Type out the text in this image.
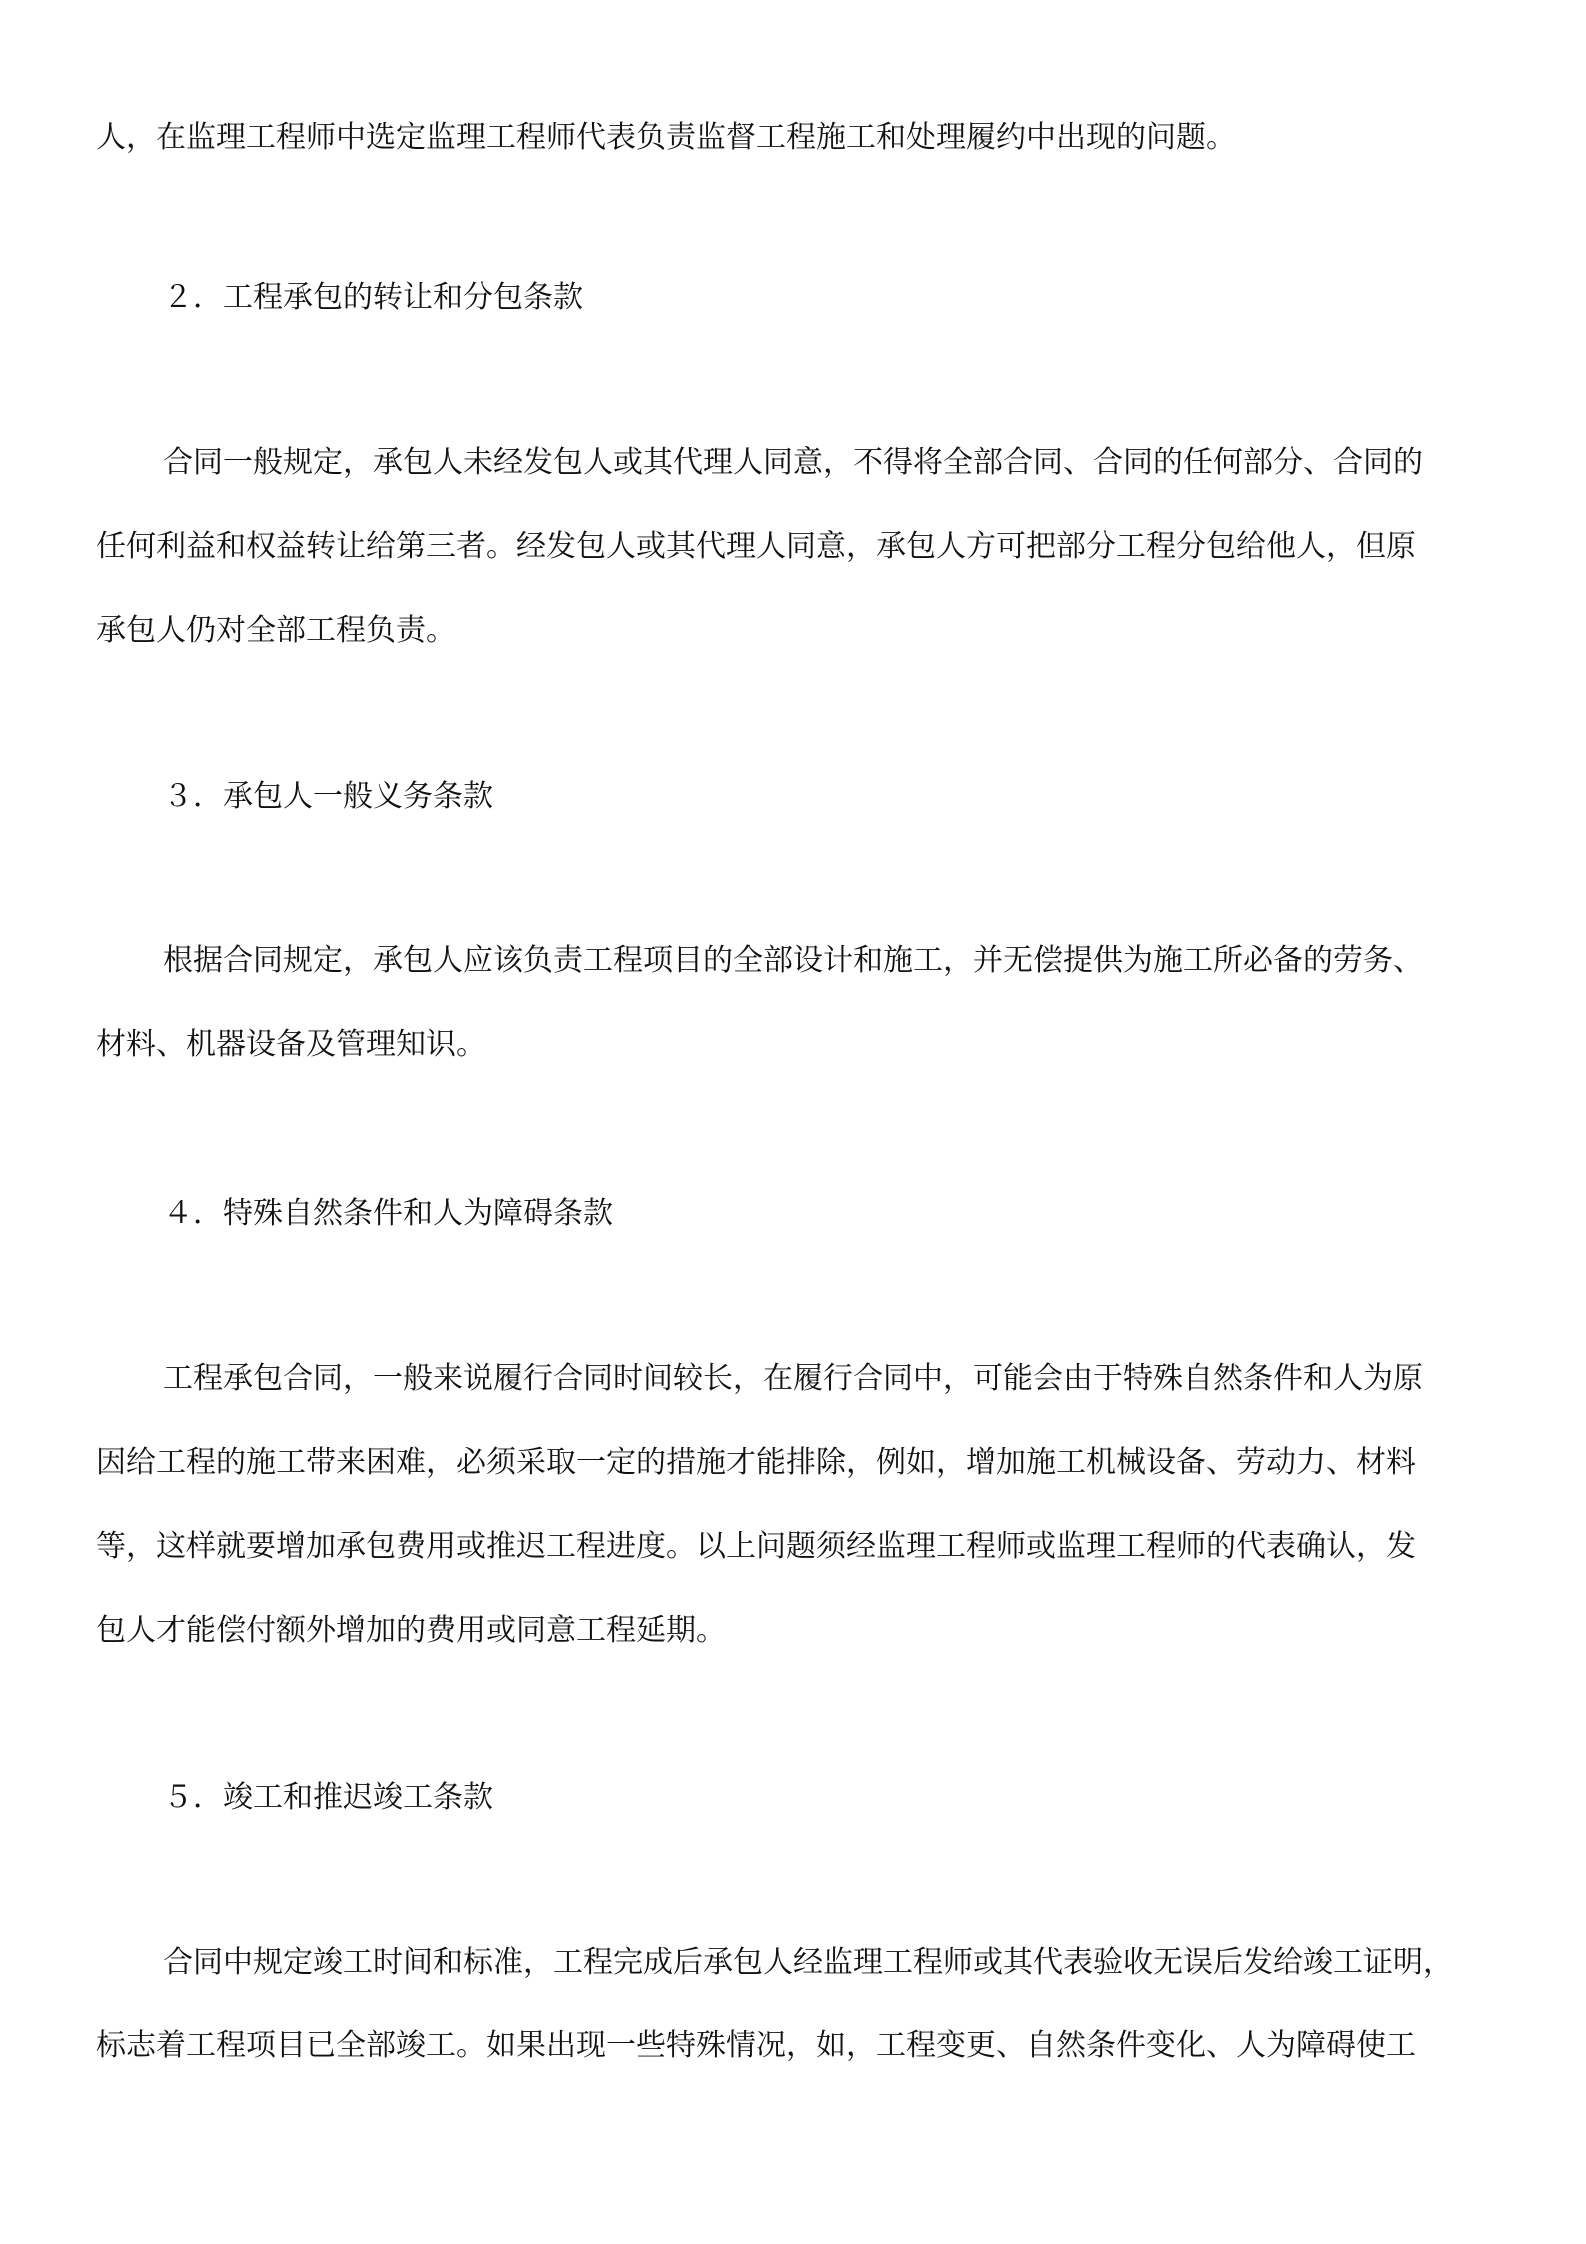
人，在监理工程师中选定监理工程师代表负责监督工程施工和处理履约中出现的问题。
２．工程承包的转让和分包条款
合同一般规定，承包人未经发包人或其代理人同意，不得将全部合同、合同的任何部分、合同的
任何利益和权益转让给第三者。经发包人或其代理人同意，承包人方可把部分工程分包给他人，但原
承包人仍对全部工程负责。
３．承包人一般义务条款
根据合同规定，承包人应该负责工程项目的全部设计和施工，并无偿提供为施工所必备的劳务、
材料、机器设备及管理知识。
４．特殊自然条件和人为障碍条款
工程承包合同，一般来说履行合同时间较长，在履行合同中，可能会由于特殊自然条件和人为原
因给工程的施工带来困难，必须采取一定的措施才能排除，例如，增加施工机械设备、劳动力、材料
等，这样就要增加承包费用或推迟工程进度。以上问题须经监理工程师或监理工程师的代表确认，发
包人才能偿付额外增加的费用或同意工程延期。
５．竣工和推迟竣工条款
合同中规定竣工时间和标准，工程完成后承包人经监理工程师或其代表验收无误后发给竣工证明，
标志着工程项目已全部竣工。如果出现一些特殊情况，如，工程变更、自然条件变化、人为障碍使工
